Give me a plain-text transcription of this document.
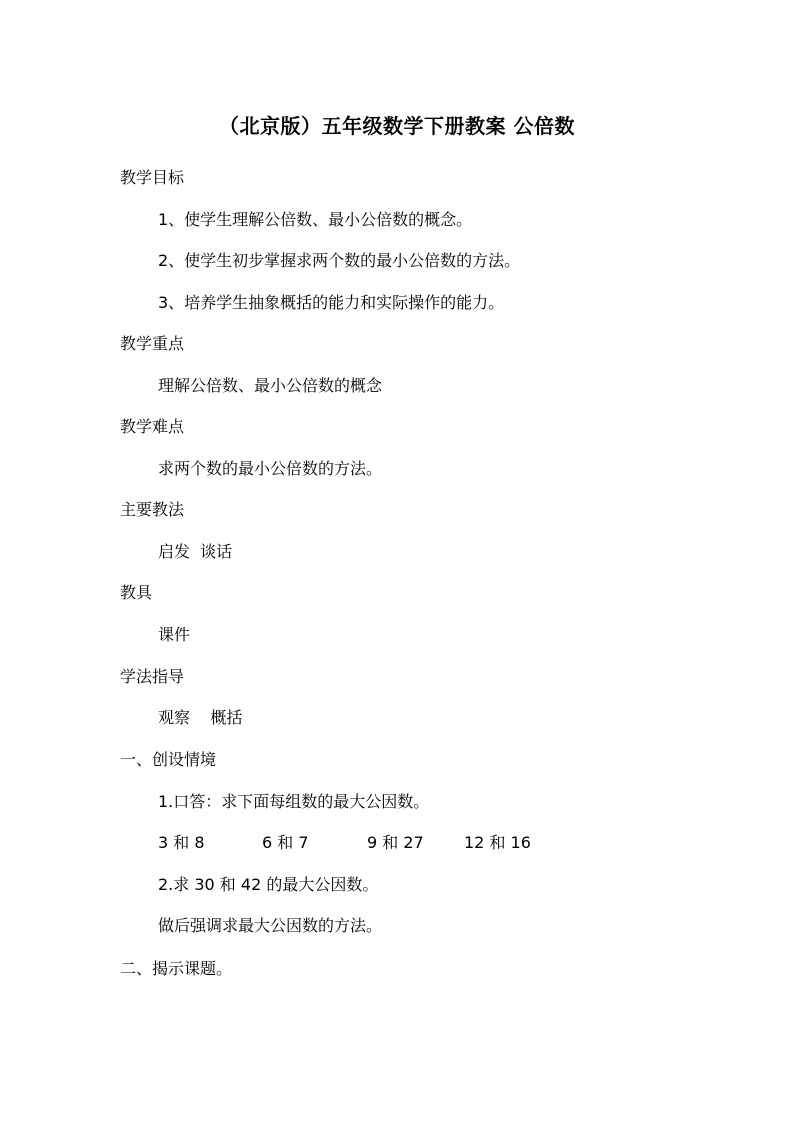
（北京版）五年级数学下册教案 公倍数
教学目标
1、使学生理解公倍数、最小公倍数的概念。
2、使学生初步掌握求两个数的最小公倍数的方法。
3、培养学生抽象概括的能力和实际操作的能力。
教学重点
理解公倍数、最小公倍数的概念
教学难点
求两个数的最小公倍数的方法。
主要教法
启发  谈话
教具
课件
学法指导
观察    概括
一、创设情境
1.口答：求下面每组数的最大公因数。
3 和 8	6 和 7	9 和 27	12 和 16
2.求 30 和 42 的最大公因数。
做后强调求最大公因数的方法。
二、揭示课题。
